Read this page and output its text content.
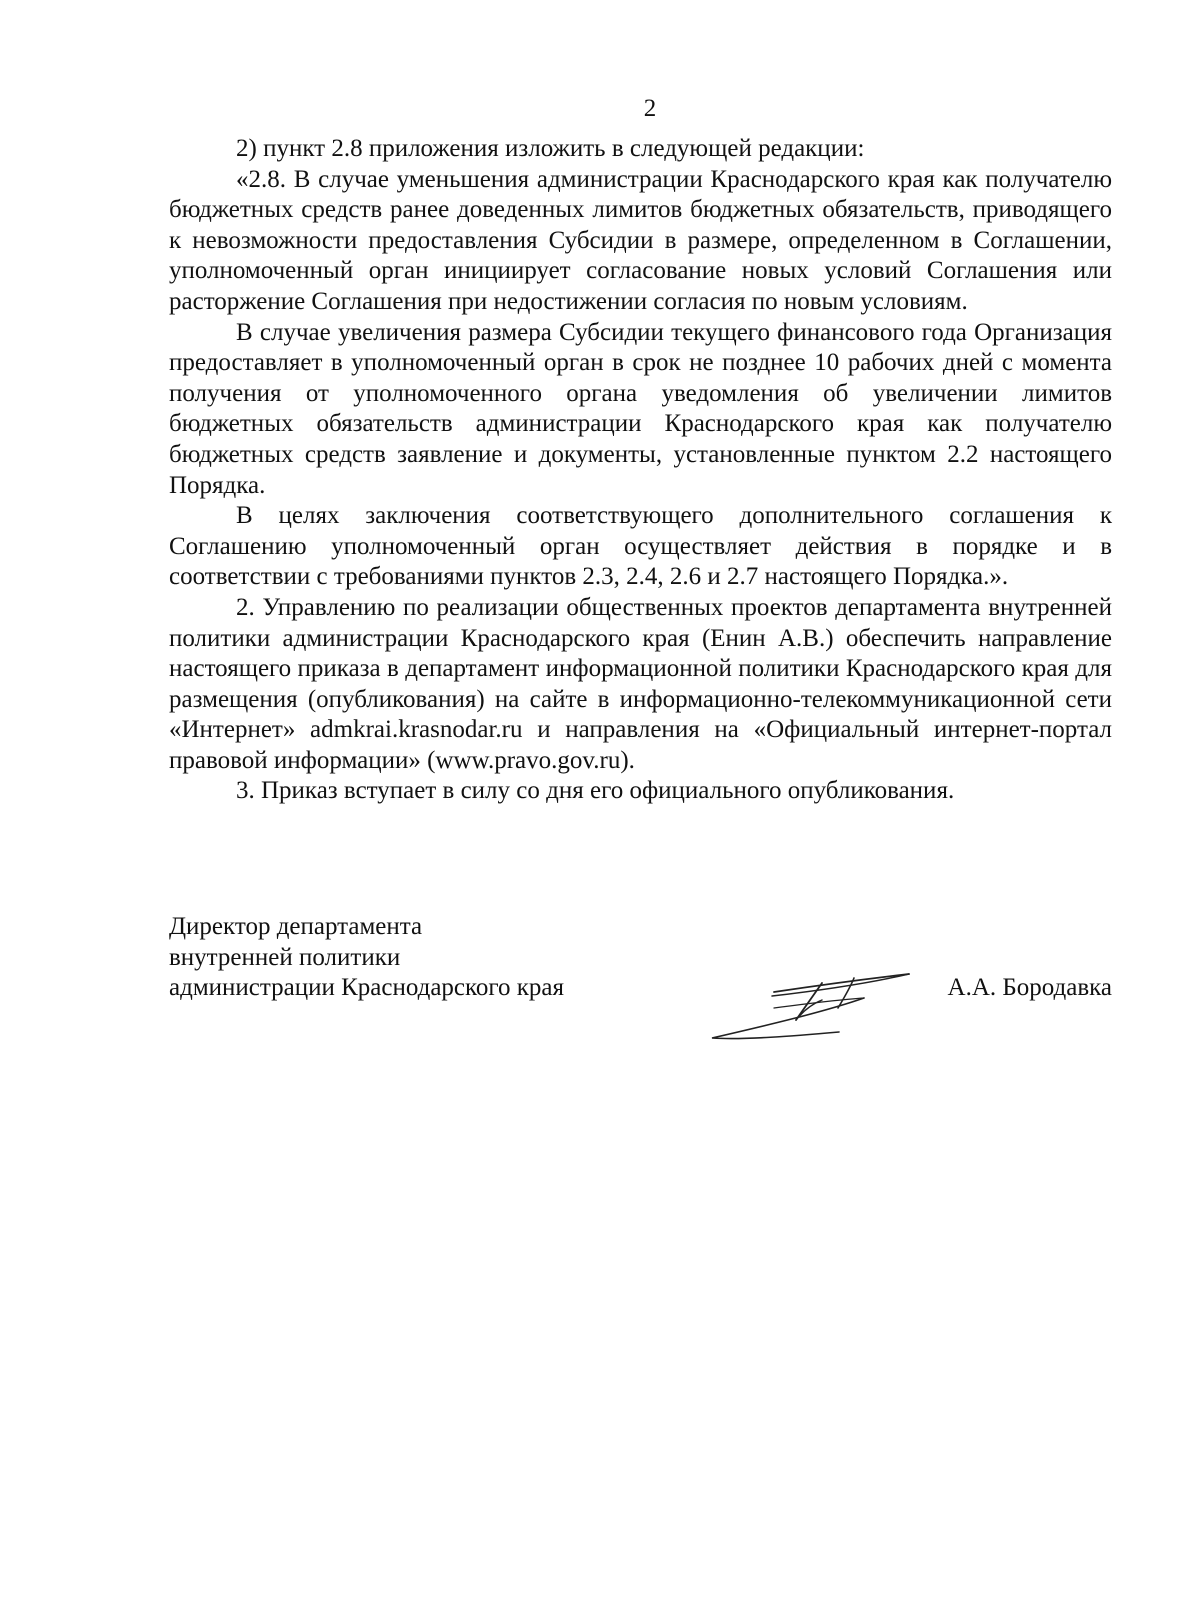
2

2) пункт 2.8 приложения изложить в следующей редакции:

«2.8. В случае уменьшения администрации Краснодарского края как получателю бюджетных средств ранее доведенных лимитов бюджетных обязательств, приводящего к невозможности предоставления Субсидии в размере, определенном в Соглашении, уполномоченный орган инициирует согласование новых условий Соглашения или расторжение Соглашения при недостижении согласия по новым условиям.

В случае увеличения размера Субсидии текущего финансового года Организация предоставляет в уполномоченный орган в срок не позднее 10 рабочих дней с момента получения от уполномоченного органа уведомления об увеличении лимитов бюджетных обязательств администрации Краснодарского края как получателю бюджетных средств заявление и документы, установленные пунктом 2.2 настоящего Порядка.

В целях заключения соответствующего дополнительного соглашения к Соглашению уполномоченный орган осуществляет действия в порядке и в соответствии с требованиями пунктов 2.3, 2.4, 2.6 и 2.7 настоящего Порядка.».

2. Управлению по реализации общественных проектов департамента внутренней политики администрации Краснодарского края (Енин А.В.) обеспечить направление настоящего приказа в департамент информационной политики Краснодарского края для размещения (опубликования) на сайте в информационно-телекоммуникационной сети «Интернет» admkrai.krasnodar.ru и направления на «Официальный интернет-портал правовой информации» (www.pravo.gov.ru).

3. Приказ вступает в силу со дня его официального опубликования.

Директор департамента
внутренней политики
администрации Краснодарского края	А.А. Бородавка
